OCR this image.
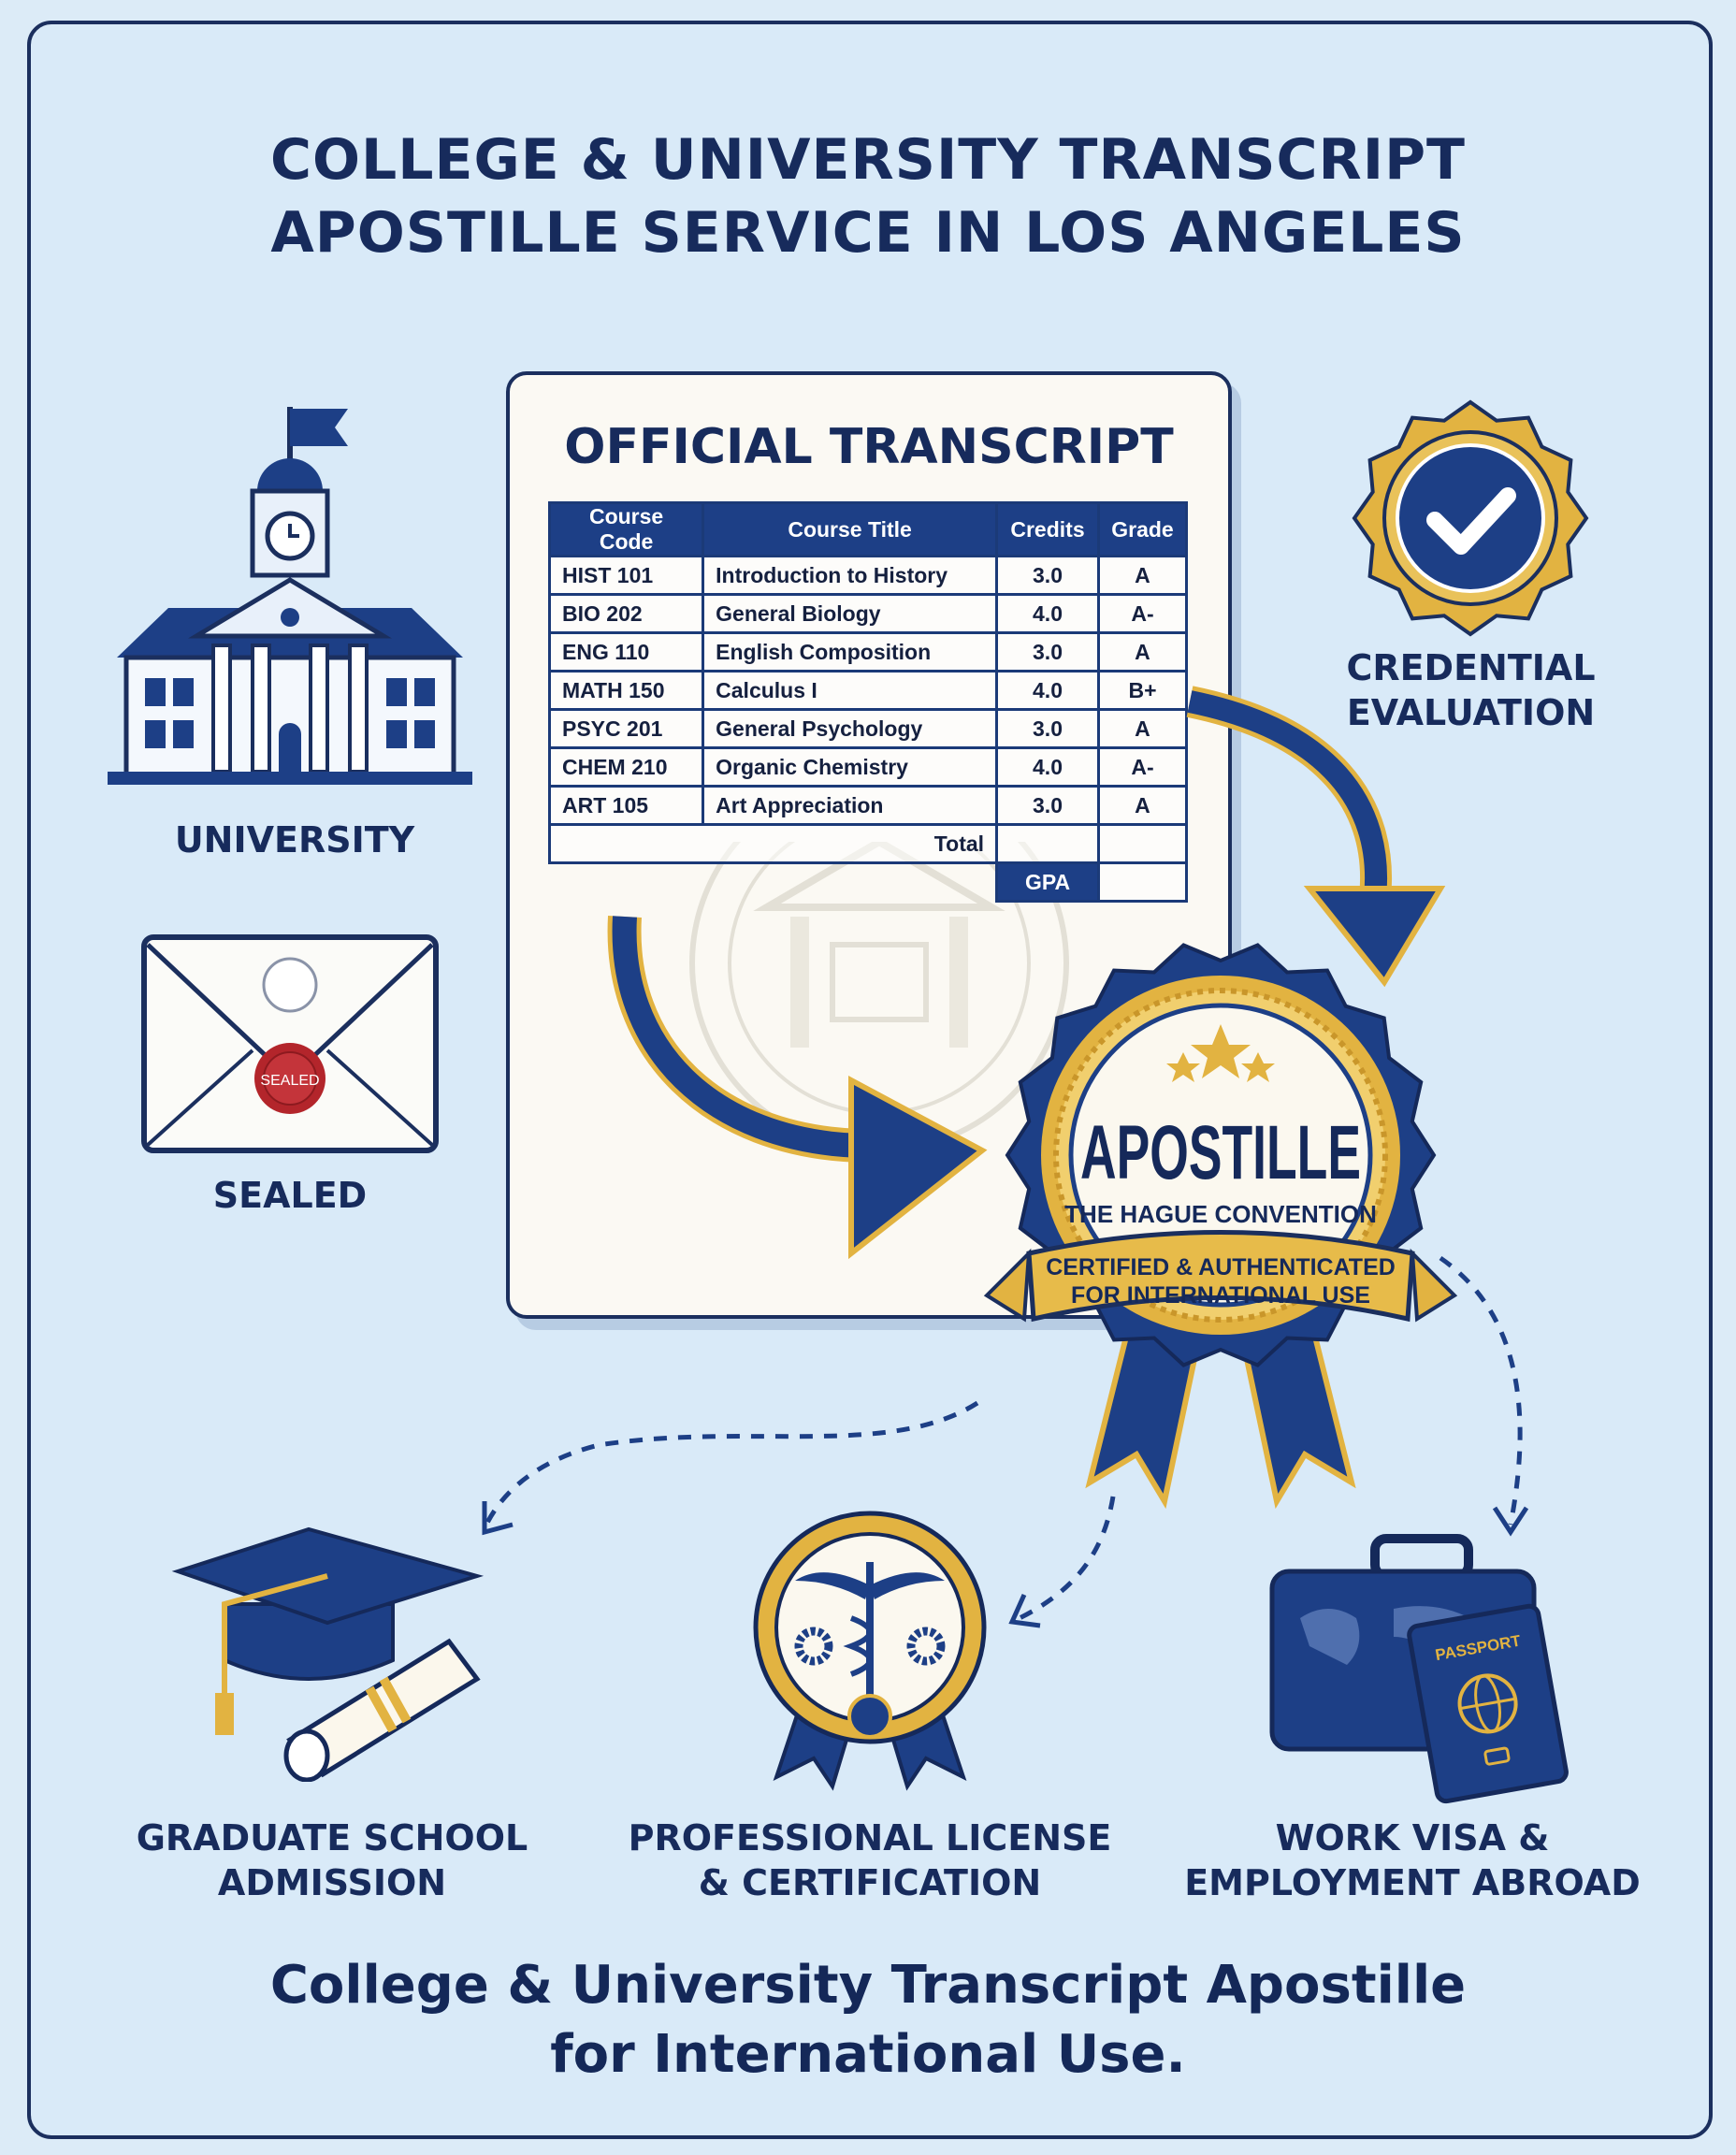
COLLEGE & UNIVERSITY TRANSCRIPT
APOSTILLE SERVICE IN LOS ANGELES
OFFICIAL TRANSCRIPT
Course Code	Course Title	Credits	Grade
HIST 101	Introduction to History	3.0	A
BIO 202	General Biology	4.0	A-
ENG 110	English Composition	3.0	A
MATH 150	Calculus I	4.0	B+
PSYC 201	General Psychology	3.0	A
CHEM 210	Organic Chemistry	4.0	A-
ART 105	Art Appreciation	3.0	A
Total			
		GPA	
UNIVERSITY
SEALED
SEALED
CREDENTIAL
EVALUATION
APOSTILLE
THE HAGUE CONVENTION
CERTIFIED & AUTHENTICATED
FOR INTERNATIONAL USE
GRADUATE SCHOOL
ADMISSION
PROFESSIONAL LICENSE
& CERTIFICATION
PASSPORT
WORK VISA &
EMPLOYMENT ABROAD
College & University Transcript Apostille
for International Use.
